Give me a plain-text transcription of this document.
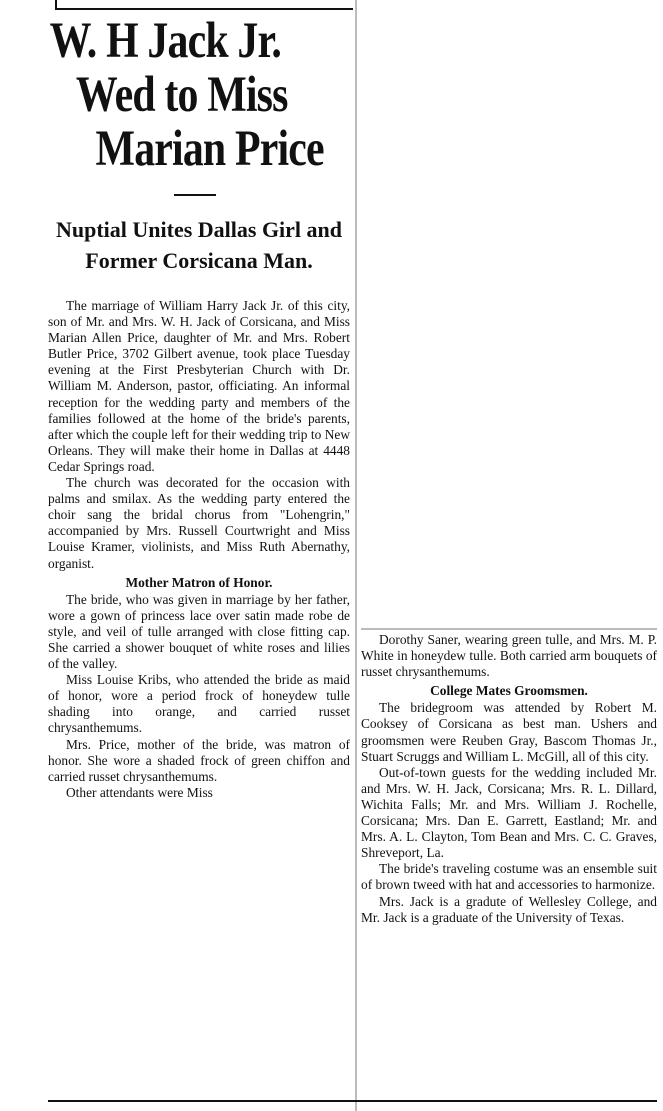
W. H Jack Jr.
Wed to Miss
Marian Price
Nuptial Unites Dallas Girl and Former Corsicana Man.

The marriage of William Harry Jack Jr. of this city, son of Mr. and Mrs. W. H. Jack of Corsicana, and Miss Marian Allen Price, daughter of Mr. and Mrs. Robert Butler Price, 3702 Gilbert avenue, took place Tuesday evening at the First Presbyterian Church with Dr. William M. Anderson, pastor, officiating. An informal reception for the wedding party and members of the families followed at the home of the bride's parents, after which the couple left for their wedding trip to New Orleans. They will make their home in Dallas at 4448 Cedar Springs road.

The church was decorated for the occasion with palms and smilax. As the wedding party entered the choir sang the bridal chorus from "Lohengrin," accompanied by Mrs. Russell Courtwright and Miss Louise Kramer, violinists, and Miss Ruth Abernathy, organist.

Mother Matron of Honor.

The bride, who was given in marriage by her father, wore a gown of princess lace over satin made robe de style, and veil of tulle arranged with close fitting cap. She carried a shower bouquet of white roses and lilies of the valley.

Miss Louise Kribs, who attended the bride as maid of honor, wore a period frock of honeydew tulle shading into orange, and carried russet chrysanthemums.

Mrs. Price, mother of the bride, was matron of honor. She wore a shaded frock of green chiffon and carried russet chrysanthemums.

Other attendants were Miss

Dorothy Saner, wearing green tulle, and Mrs. M. P. White in honeydew tulle. Both carried arm bouquets of russet chrysanthemums.

College Mates Groomsmen.

The bridegroom was attended by Robert M. Cooksey of Corsicana as best man. Ushers and groomsmen were Reuben Gray, Bascom Thomas Jr., Stuart Scruggs and William L. McGill, all of this city.

Out-of-town guests for the wedding included Mr. and Mrs. W. H. Jack, Corsicana; Mrs. R. L. Dillard, Wichita Falls; Mr. and Mrs. William J. Rochelle, Corsicana; Mrs. Dan E. Garrett, Eastland; Mr. and Mrs. A. L. Clayton, Tom Bean and Mrs. C. C. Graves, Shreveport, La.

The bride's traveling costume was an ensemble suit of brown tweed with hat and accessories to harmonize.

Mrs. Jack is a gradute of Wellesley College, and Mr. Jack is a graduate of the University of Texas.
